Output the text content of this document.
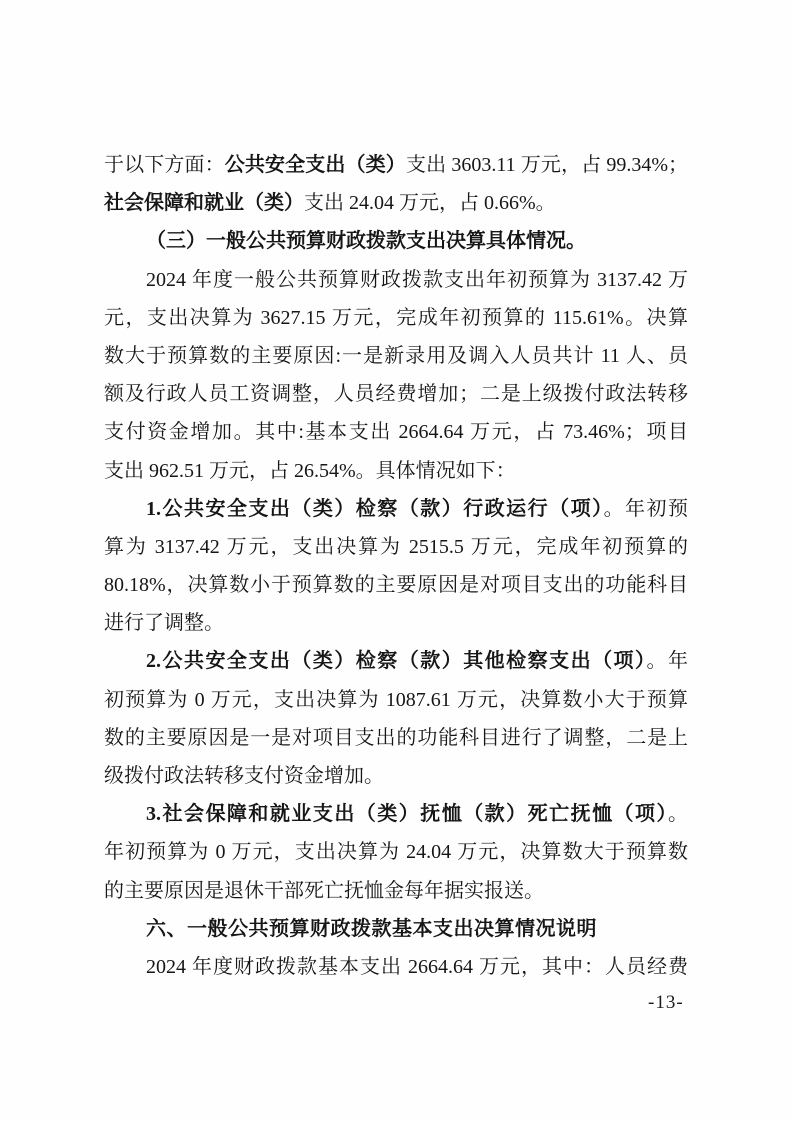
于以下方面：公共安全支出（类）支出 3603.11 万元，占 99.34%；
社会保障和就业（类）支出 24.04 万元，占 0.66%。
（三）一般公共预算财政拨款支出决算具体情况。
2024 年度一般公共预算财政拨款支出年初预算为 3137.42 万
元，支出决算为 3627.15 万元，完成年初预算的 115.61%。决算
数大于预算数的主要原因:一是新录用及调入人员共计 11 人、员
额及行政人员工资调整，人员经费增加；二是上级拨付政法转移
支付资金增加。其中:基本支出 2664.64 万元，占 73.46%；项目
支出 962.51 万元，占 26.54%。具体情况如下：
1.公共安全支出（类）检察（款）行政运行（项）。年初预
算为 3137.42 万元，支出决算为 2515.5 万元，完成年初预算的
80.18%，决算数小于预算数的主要原因是对项目支出的功能科目
进行了调整。
2.公共安全支出（类）检察（款）其他检察支出（项）。年
初预算为 0 万元，支出决算为 1087.61 万元，决算数小大于预算
数的主要原因是一是对项目支出的功能科目进行了调整，二是上
级拨付政法转移支付资金增加。
3.社会保障和就业支出（类）抚恤（款）死亡抚恤（项）。
年初预算为 0 万元，支出决算为 24.04 万元，决算数大于预算数
的主要原因是退休干部死亡抚恤金每年据实报送。
六、一般公共预算财政拨款基本支出决算情况说明
2024 年度财政拨款基本支出 2664.64 万元，其中：人员经费
-13-
